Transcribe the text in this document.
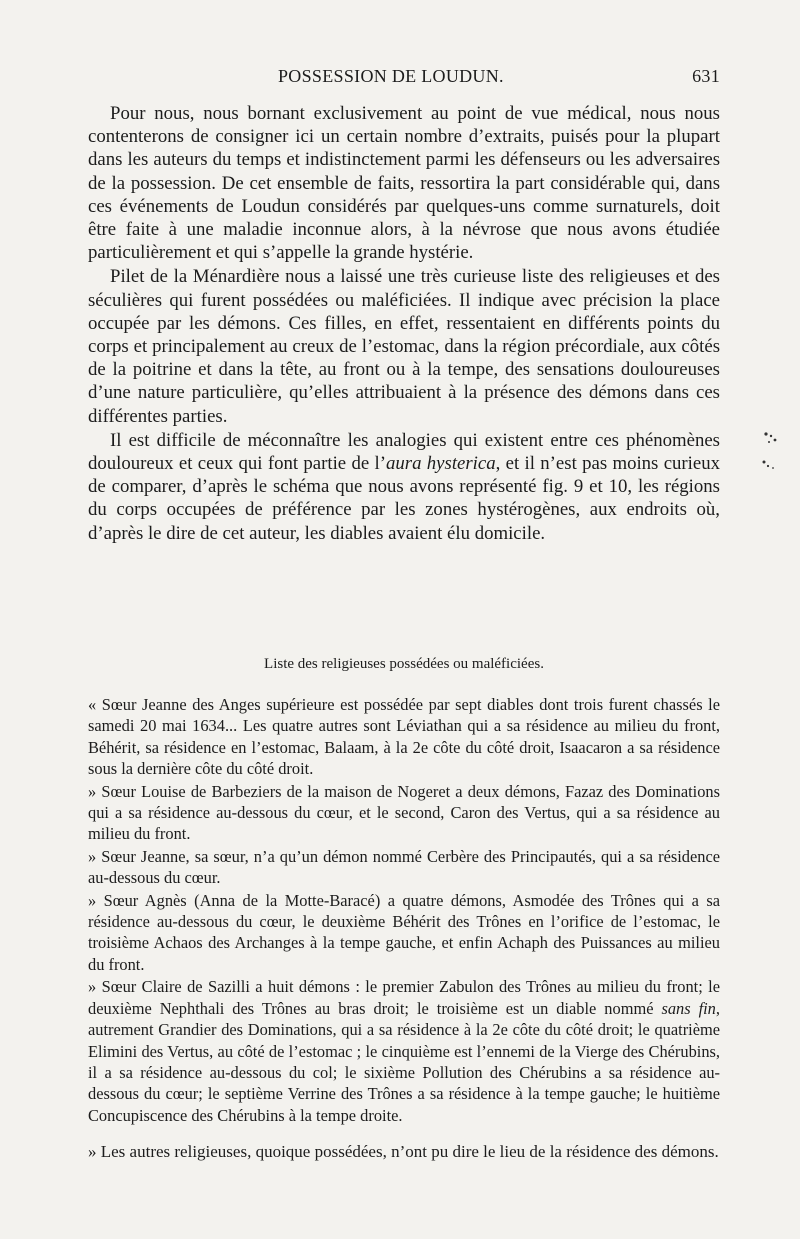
POSSESSION DE LOUDUN.	631

Pour nous, nous bornant exclusivement au point de vue médical, nous nous contenterons de consigner ici un certain nombre d’extraits, puisés pour la plupart dans les auteurs du temps et indistinctement parmi les défenseurs ou les adversaires de la possession. De cet ensemble de faits, ressortira la part considérable qui, dans ces événements de Loudun considérés par quelques-uns comme surnaturels, doit être faite à une maladie inconnue alors, à la névrose que nous avons étudiée particulièrement et qui s’appelle la grande hystérie.

Pilet de la Ménardière nous a laissé une très curieuse liste des religieuses et des séculières qui furent possédées ou maléficiées. Il indique avec précision la place occupée par les démons. Ces filles, en effet, ressentaient en différents points du corps et principalement au creux de l’estomac, dans la région précordiale, aux côtés de la poitrine et dans la tête, au front ou à la tempe, des sensations douloureuses d’une nature particulière, qu’elles attribuaient à la présence des démons dans ces différentes parties.

Il est difficile de méconnaître les analogies qui existent entre ces phénomènes douloureux et ceux qui font partie de l’aura hysterica, et il n’est pas moins curieux de comparer, d’après le schéma que nous avons représenté fig. 9 et 10, les régions du corps occupées de préférence par les zones hystérogènes, aux endroits où, d’après le dire de cet auteur, les diables avaient élu domicile.

Liste des religieuses possédées ou maléficiées.

« Sœur Jeanne des Anges supérieure est possédée par sept diables dont trois furent chassés le samedi 20 mai 1634... Les quatre autres sont Léviathan qui a sa résidence au milieu du front, Béhérit, sa résidence en l’estomac, Balaam, à la 2e côte du côté droit, Isaacaron a sa résidence sous la dernière côte du côté droit.

» Sœur Louise de Barbeziers de la maison de Nogeret a deux démons, Fazaz des Dominations qui a sa résidence au-dessous du cœur, et le second, Caron des Vertus, qui a sa résidence au milieu du front.

» Sœur Jeanne, sa sœur, n’a qu’un démon nommé Cerbère des Principautés, qui a sa résidence au-dessous du cœur.

» Sœur Agnès (Anna de la Motte-Baracé) a quatre démons, Asmodée des Trônes qui a sa résidence au-dessous du cœur, le deuxième Béhérit des Trônes en l’orifice de l’estomac, le troisième Achaos des Archanges à la tempe gauche, et enfin Achaph des Puissances au milieu du front.

» Sœur Claire de Sazilli a huit démons : le premier Zabulon des Trônes au milieu du front; le deuxième Nephthali des Trônes au bras droit; le troisième est un diable nommé sans fin, autrement Grandier des Dominations, qui a sa résidence à la 2e côte du côté droit; le quatrième Elimini des Vertus, au côté de l’estomac ; le cinquième est l’ennemi de la Vierge des Chérubins, il a sa résidence au-dessous du col; le sixième Pollution des Chérubins a sa résidence au-dessous du cœur; le septième Verrine des Trônes a sa résidence à la tempe gauche; le huitième Concupiscence des Chérubins à la tempe droite.

» Les autres religieuses, quoique possédées, n’ont pu dire le lieu de la résidence des démons.
